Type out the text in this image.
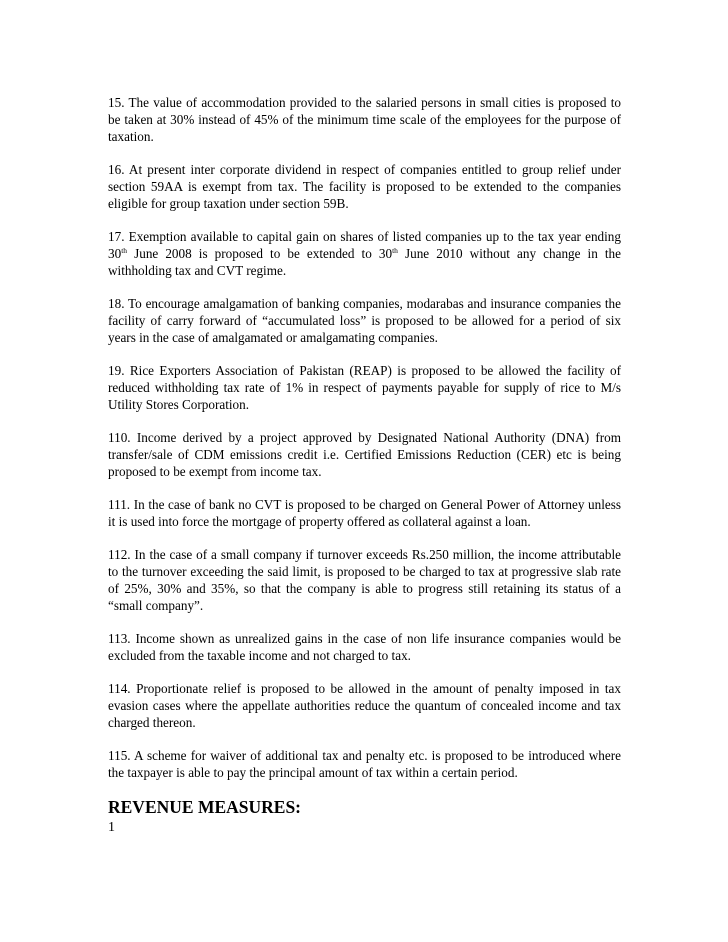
15. The value of accommodation provided to the salaried persons in small cities is proposed to be taken at 30% instead of 45% of the minimum time scale of the employees for the purpose of taxation.

16. At present inter corporate dividend in respect of companies entitled to group relief under section 59AA is exempt from tax. The facility is proposed to be extended to the companies eligible for group taxation under section 59B.

17. Exemption available to capital gain on shares of listed companies up to the tax year ending 30th June 2008 is proposed to be extended to 30th June 2010 without any change in the withholding tax and CVT regime.

18. To encourage amalgamation of banking companies, modarabas and insurance companies the facility of carry forward of “accumulated loss” is proposed to be allowed for a period of six years in the case of amalgamated or amalgamating companies.

19. Rice Exporters Association of Pakistan (REAP) is proposed to be allowed the facility of reduced withholding tax rate of 1% in respect of payments payable for supply of rice to M/s Utility Stores Corporation.

110. Income derived by a project approved by Designated National Authority (DNA) from transfer/sale of CDM emissions credit i.e. Certified Emissions Reduction (CER) etc is being proposed to be exempt from income tax.

111. In the case of bank no CVT is proposed to be charged on General Power of Attorney unless it is used into force the mortgage of property offered as collateral against a loan.

112. In the case of a small company if turnover exceeds Rs.250 million, the income attributable to the turnover exceeding the said limit, is proposed to be charged to tax at progressive slab rate of 25%, 30% and 35%, so that the company is able to progress still retaining its status of a “small company”.

113. Income shown as unrealized gains in the case of non life insurance companies would be excluded from the taxable income and not charged to tax.

114. Proportionate relief is proposed to be allowed in the amount of penalty imposed in tax evasion cases where the appellate authorities reduce the quantum of concealed income and tax charged thereon.

115. A scheme for waiver of additional tax and penalty etc. is proposed to be introduced where the taxpayer is able to pay the principal amount of tax within a certain period.

REVENUE MEASURES:
1
